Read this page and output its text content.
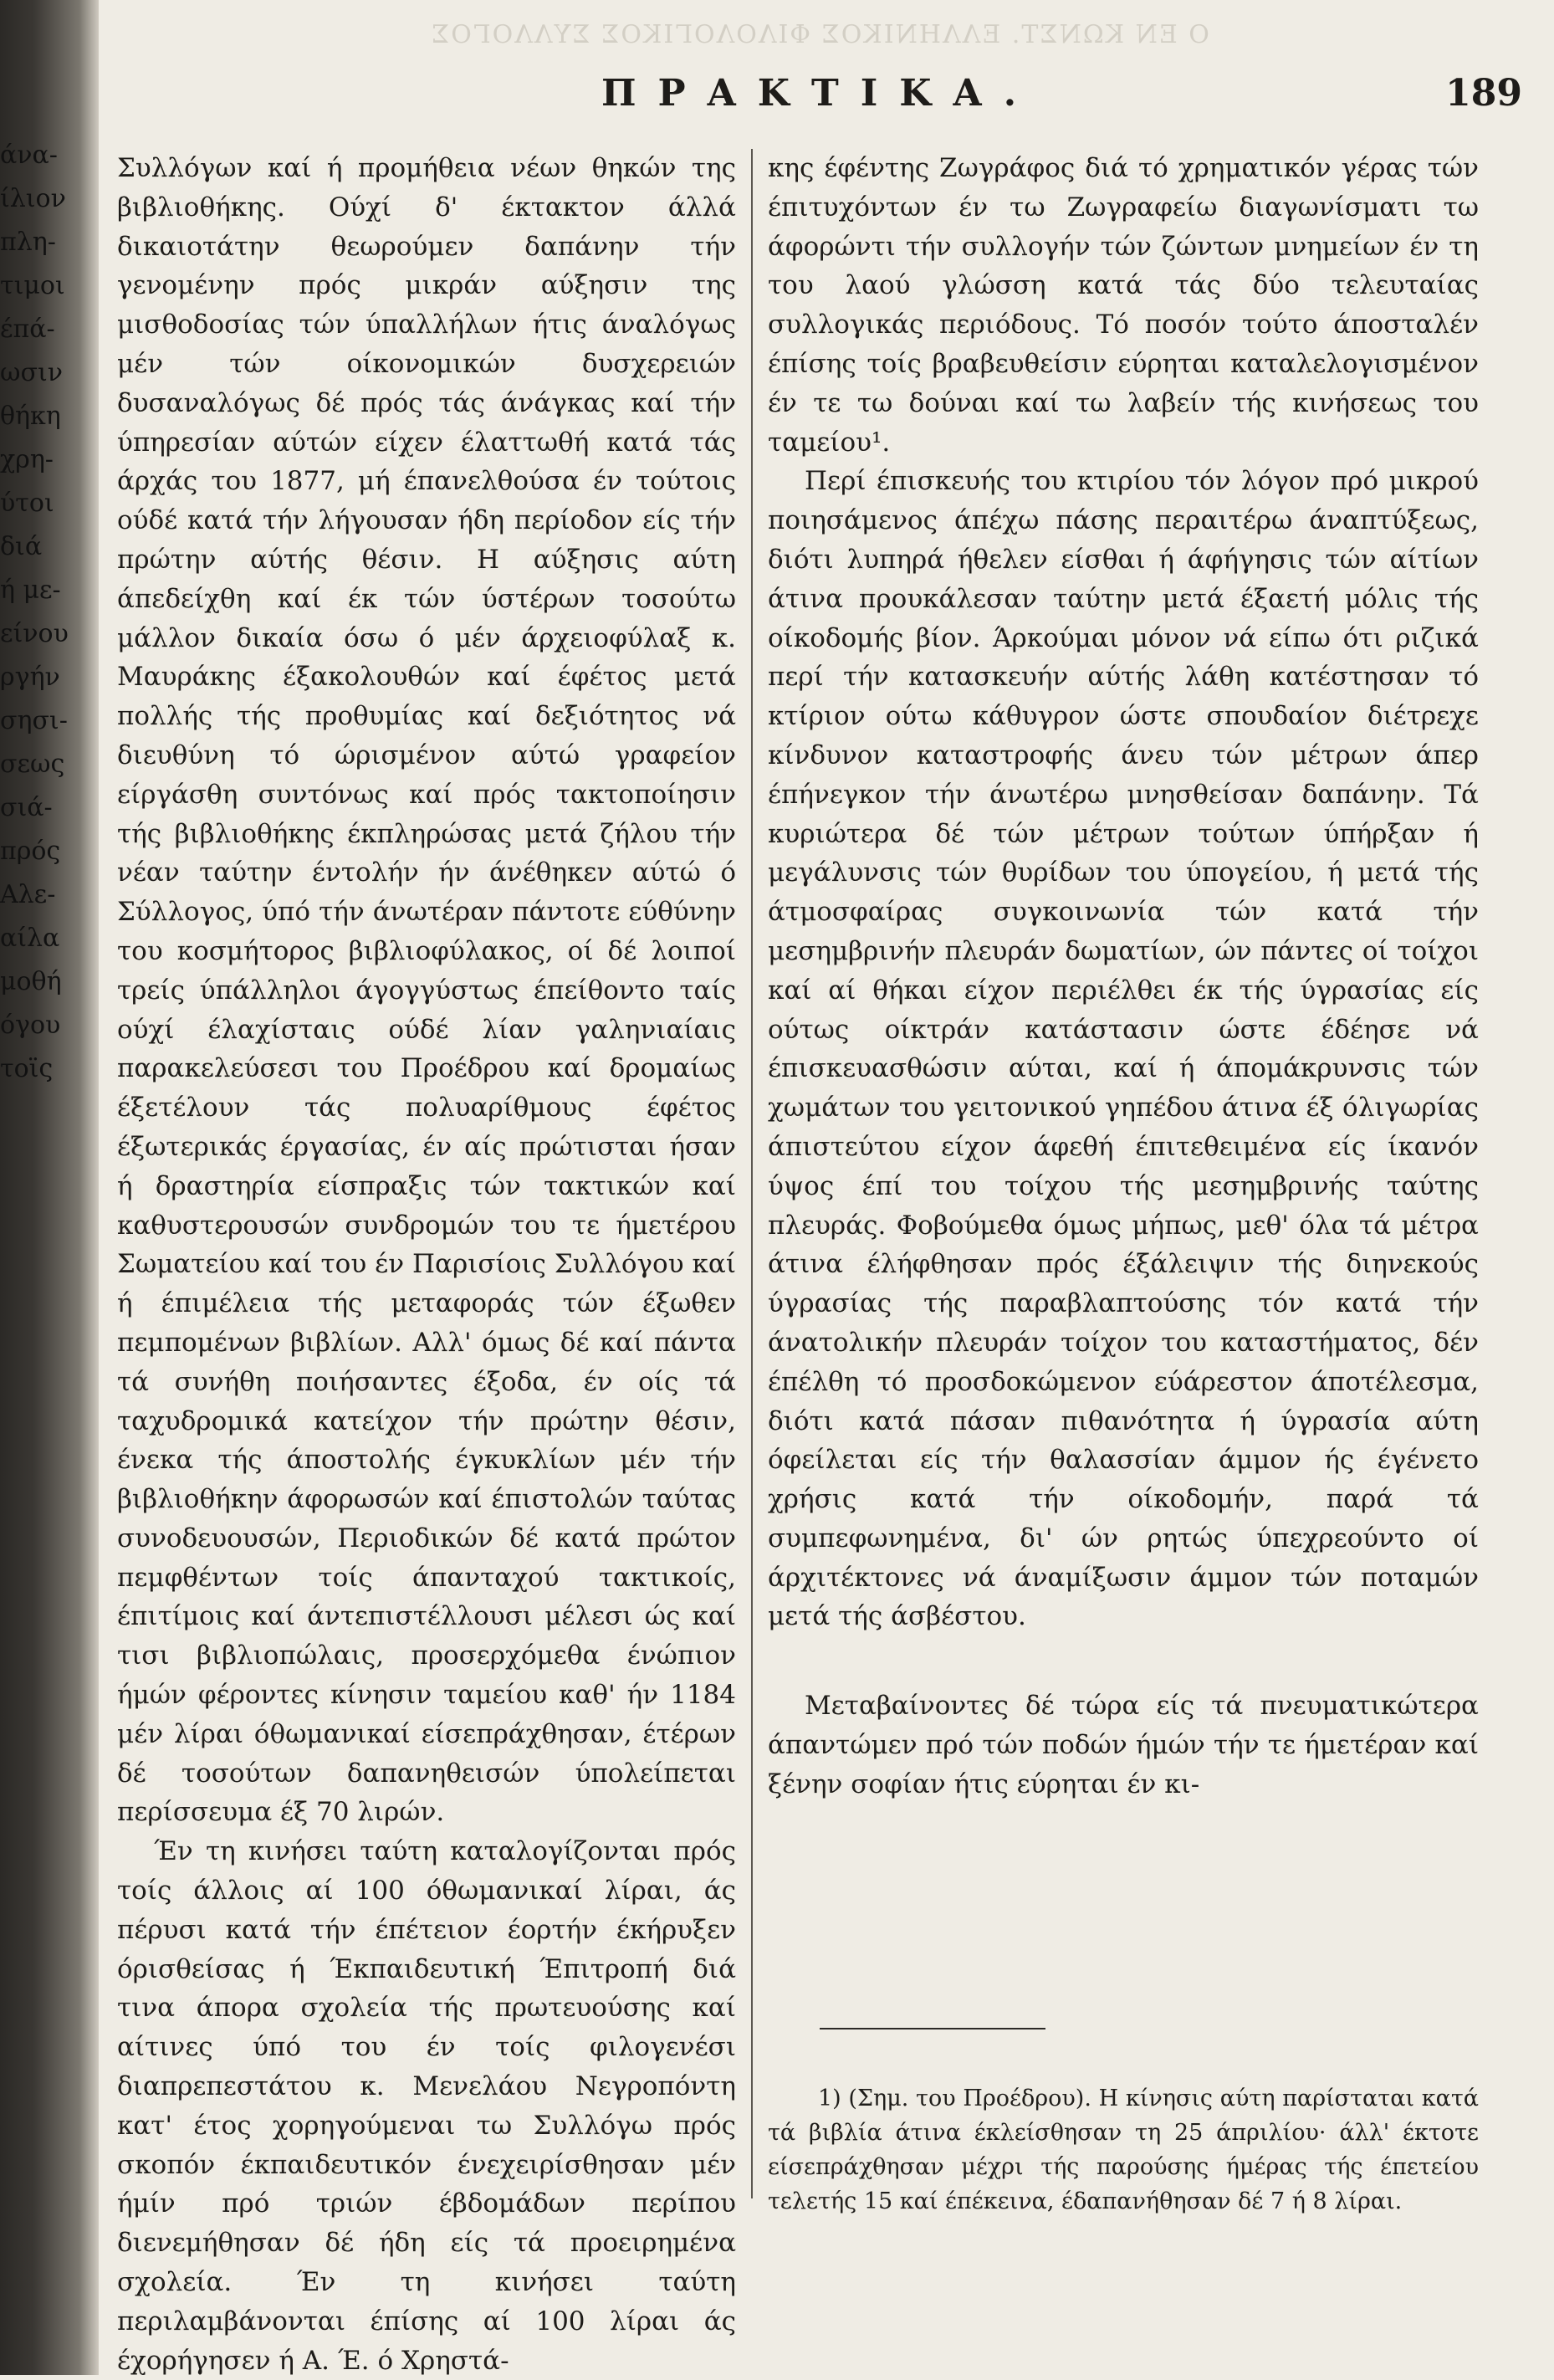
άνα-
ίλιον
πλη-
τιμοι
έπά-
ωσιν
θήκη
χρη-
ύτοι
διά
ή με-
είνου
ργήν
σησι-
σεως
σιά-
πρός
Αλε-
αίλα
μοθή
όγου
τοϊς
Ο ΕΝ ΚΩΝΣΤ. ΕΛΛΗΝΙΚΟΣ ΦΙΛΟΛΟΓΙΚΟΣ ΣΥΛΛΟΓΟΣ
ΠΡΑΚΤΙΚΑ.	189

Συλλόγων καί ή προμήθεια νέων θηκών της βιβλιοθήκης. Ούχί δ' έκτακτον άλλά δικαιοτάτην θεωρούμεν δαπάνην τήν γενομένην πρός μικράν αύξησιν της μισθοδοσίας τών ύπαλλήλων ήτις άναλόγως μέν τών οίκονομικών δυσχερειών δυσαναλόγως δέ πρός τάς άνάγκας καί τήν ύπηρεσίαν αύτών είχεν έλαττωθή κατά τάς άρχάς του 1877, μή έπανελθούσα έν τούτοις ούδέ κατά τήν λήγουσαν ήδη περίοδον είς τήν πρώτην αύτής θέσιν. Η αύξησις αύτη άπεδείχθη καί έκ τών ύστέρων τοσούτω μάλλον δικαία όσω ό μέν άρχειοφύλαξ κ. Μαυράκης έξακολουθών καί έφέτος μετά πολλής τής προθυμίας καί δεξιότητος νά διευθύνη τό ώρισμένον αύτώ γραφείον είργάσθη συντόνως καί πρός τακτοποίησιν τής βιβλιοθήκης έκπληρώσας μετά ζήλου τήν νέαν ταύτην έντολήν ήν άνέθηκεν αύτώ ό Σύλλογος, ύπό τήν άνωτέραν πάντοτε εύθύνην του κοσμήτορος βιβλιοφύλακος, οί δέ λοιποί τρείς ύπάλληλοι άγογγύστως έπείθοντο ταίς ούχί έλαχίσταις ούδέ λίαν γαληνιαίαις παρακελεύσεσι του Προέδρου καί δρομαίως έξετέλουν τάς πολυαρίθμους έφέτος έξωτερικάς έργασίας, έν αίς πρώτισται ήσαν ή δραστηρία είσπραξις τών τακτικών καί καθυστερουσών συνδρομών του τε ήμετέρου Σωματείου καί του έν Παρισίοις Συλλόγου καί ή έπιμέλεια τής μεταφοράς τών έξωθεν πεμπομένων βιβλίων. Αλλ' όμως δέ καί πάντα τά συνήθη ποιήσαντες έξοδα, έν οίς τά ταχυδρομικά κατείχον τήν πρώτην θέσιν, ένεκα τής άποστολής έγκυκλίων μέν τήν βιβλιοθήκην άφορωσών καί έπιστολών ταύτας συνοδευουσών, Περιοδικών δέ κατά πρώτον πεμφθέντων τοίς άπανταχού τακτικοίς, έπιτίμοις καί άντεπιστέλλουσι μέλεσι ώς καί τισι βιβλιοπώλαις, προσερχόμεθα ένώπιον ήμών φέροντες κίνησιν ταμείου καθ' ήν 1184 μέν λίραι όθωμανικαί είσεπράχθησαν, έτέρων δέ τοσούτων δαπανηθεισών ύπολείπεται περίσσευμα έξ 70 λιρών.

Έν τη κινήσει ταύτη καταλογίζονται πρός τοίς άλλοις αί 100 όθωμανικαί λίραι, άς πέρυσι κατά τήν έπέτειον έορτήν έκήρυξεν όρισθείσας ή Έκπαιδευτική Έπιτροπή διά τινα άπορα σχολεία τής πρωτευούσης καί αίτινες ύπό του έν τοίς φιλογενέσι διαπρεπεστάτου κ. Μενελάου Νεγροπόντη κατ' έτος χορηγούμεναι τω Συλλόγω πρός σκοπόν έκπαιδευτικόν ένεχειρίσθησαν μέν ήμίν πρό τριών έβδομάδων περίπου διενεμήθησαν δέ ήδη είς τά προειρημένα σχολεία. Έν τη κινήσει ταύτη περιλαμβάνονται έπίσης αί 100 λίραι άς έχορήγησεν ή Α. Έ. ό Χρηστά-

κης έφέντης Ζωγράφος διά τό χρηματικόν γέρας τών έπιτυχόντων έν τω Ζωγραφείω διαγωνίσματι τω άφορώντι τήν συλλογήν τών ζώντων μνημείων έν τη του λαού γλώσση κατά τάς δύο τελευταίας συλλογικάς περιόδους. Τό ποσόν τούτο άποσταλέν έπίσης τοίς βραβευθείσιν εύρηται καταλελογισμένον έν τε τω δούναι καί τω λαβείν τής κινήσεως του ταμείου¹.

Περί έπισκευής του κτιρίου τόν λόγον πρό μικρού ποιησάμενος άπέχω πάσης περαιτέρω άναπτύξεως, διότι λυπηρά ήθελεν είσθαι ή άφήγησις τών αίτίων άτινα προυκάλεσαν ταύτην μετά έξαετή μόλις τής οίκοδομής βίον. Άρκούμαι μόνον νά είπω ότι ριζικά περί τήν κατασκευήν αύτής λάθη κατέστησαν τό κτίριον ούτω κάθυγρον ώστε σπουδαίον διέτρεχε κίνδυνον καταστροφής άνευ τών μέτρων άπερ έπήνεγκον τήν άνωτέρω μνησθείσαν δαπάνην. Τά κυριώτερα δέ τών μέτρων τούτων ύπήρξαν ή μεγάλυνσις τών θυρίδων του ύπογείου, ή μετά τής άτμοσφαίρας συγκοινωνία τών κατά τήν μεσημβρινήν πλευράν δωματίων, ών πάντες οί τοίχοι καί αί θήκαι είχον περιέλθει έκ τής ύγρασίας είς ούτως οίκτράν κατάστασιν ώστε έδέησε νά έπισκευασθώσιν αύται, καί ή άπομάκρυνσις τών χωμάτων του γειτονικού γηπέδου άτινα έξ όλιγωρίας άπιστεύτου είχον άφεθή έπιτεθειμένα είς ίκανόν ύψος έπί του τοίχου τής μεσημβρινής ταύτης πλευράς. Φοβούμεθα όμως μήπως, μεθ' όλα τά μέτρα άτινα έλήφθησαν πρός έξάλειψιν τής διηνεκούς ύγρασίας τής παραβλαπτούσης τόν κατά τήν άνατολικήν πλευράν τοίχον του καταστήματος, δέν έπέλθη τό προσδοκώμενον εύάρεστον άποτέλεσμα, διότι κατά πάσαν πιθανότητα ή ύγρασία αύτη όφείλεται είς τήν θαλασσίαν άμμον ής έγένετο χρήσις κατά τήν οίκοδομήν, παρά τά συμπεφωνημένα, δι' ών ρητώς ύπεχρεούντο οί άρχιτέκτονες νά άναμίξωσιν άμμον τών ποταμών μετά τής άσβέστου.

Μεταβαίνοντες δέ τώρα είς τά πνευματικώτερα άπαντώμεν πρό τών ποδών ήμών τήν τε ήμετέραν καί ξένην σοφίαν ήτις εύρηται έν κι-

1) (Σημ. του Προέδρου). Η κίνησις αύτη παρίσταται κατά τά βιβλία άτινα έκλείσθησαν τη 25 άπριλίου· άλλ' έκτοτε είσεπράχθησαν μέχρι τής παρούσης ήμέρας τής έπετείου τελετής 15 καί έπέκεινα, έδαπανήθησαν δέ 7 ή 8 λίραι.
